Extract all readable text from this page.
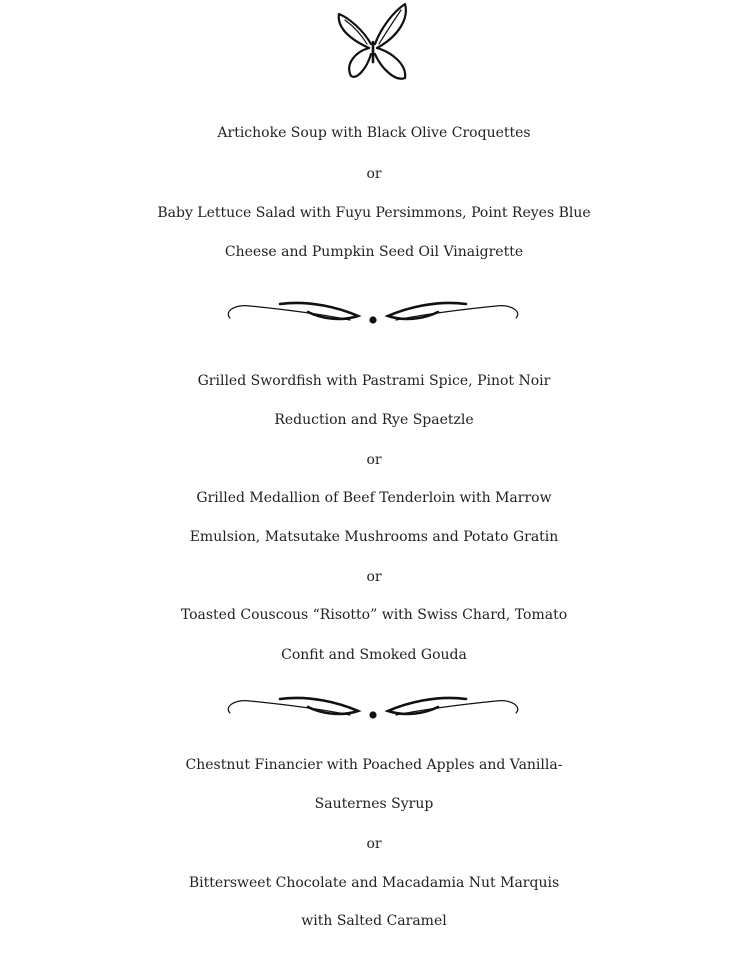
Artichoke Soup with Black Olive Croquettes
or
Baby Lettuce Salad with Fuyu Persimmons, Point Reyes Blue
Cheese and Pumpkin Seed Oil Vinaigrette
Grilled Swordfish with Pastrami Spice, Pinot Noir
Reduction and Rye Spaetzle
or
Grilled Medallion of Beef Tenderloin with Marrow
Emulsion, Matsutake Mushrooms and Potato Gratin
or
Toasted Couscous “Risotto” with Swiss Chard, Tomato
Confit and Smoked Gouda
Chestnut Financier with Poached Apples and Vanilla-
Sauternes Syrup
or
Bittersweet Chocolate and Macadamia Nut Marquis
with Salted Caramel
